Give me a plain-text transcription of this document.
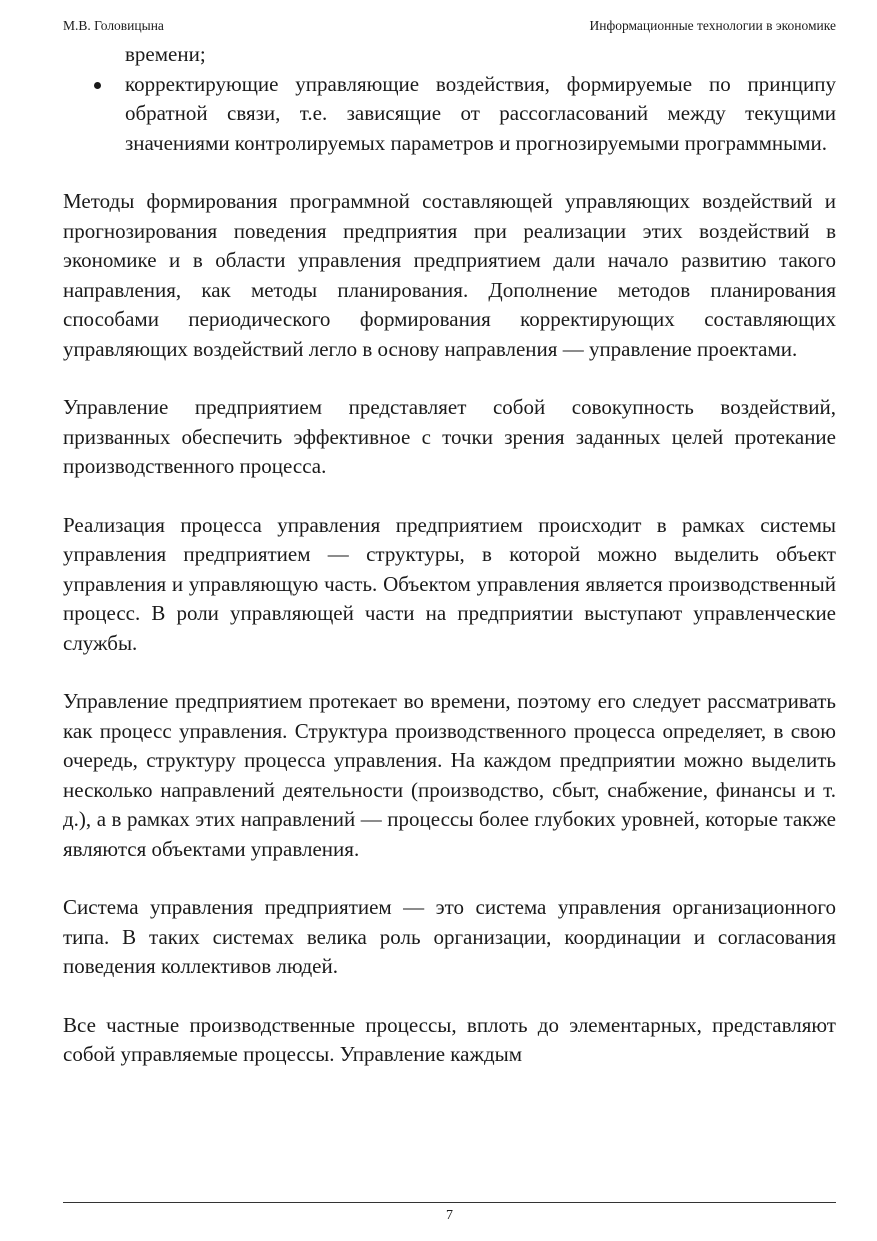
М.В. Головицына	Информационные технологии в экономике
времени;
корректирующие управляющие воздействия, формируемые по принципу обратной связи, т.е. зависящие от рассогласований между текущими значениями контролируемых параметров и прогнозируемыми программными.

Методы формирования программной составляющей управляющих воздействий и прогнозирования поведения предприятия при реализации этих воздействий в экономике и в области управления предприятием дали начало развитию такого направления, как методы планирования. Дополнение методов планирования способами периодического формирования корректирующих составляющих управляющих воздействий легло в основу направления — управление проектами.

Управление предприятием представляет собой совокупность воздействий, призванных обеспечить эффективное с точки зрения заданных целей протекание производственного процесса.

Реализация процесса управления предприятием происходит в рамках системы управления предприятием — структуры, в которой можно выделить объект управления и управляющую часть. Объектом управления является производственный процесс. В роли управляющей части на предприятии выступают управленческие службы.

Управление предприятием протекает во времени, поэтому его следует рассматривать как процесс управления. Структура производственного процесса определяет, в свою очередь, структуру процесса управления. На каждом предприятии можно выделить несколько направлений деятельности (производство, сбыт, снабжение, финансы и т. д.), а в рамках этих направлений — процессы более глубоких уровней, которые также являются объектами управления.

Система управления предприятием — это система управления организационного типа. В таких системах велика роль организации, координации и согласования поведения коллективов людей.

Все частные производственные процессы, вплоть до элементарных, представляют собой управляемые процессы. Управление каждым

7
